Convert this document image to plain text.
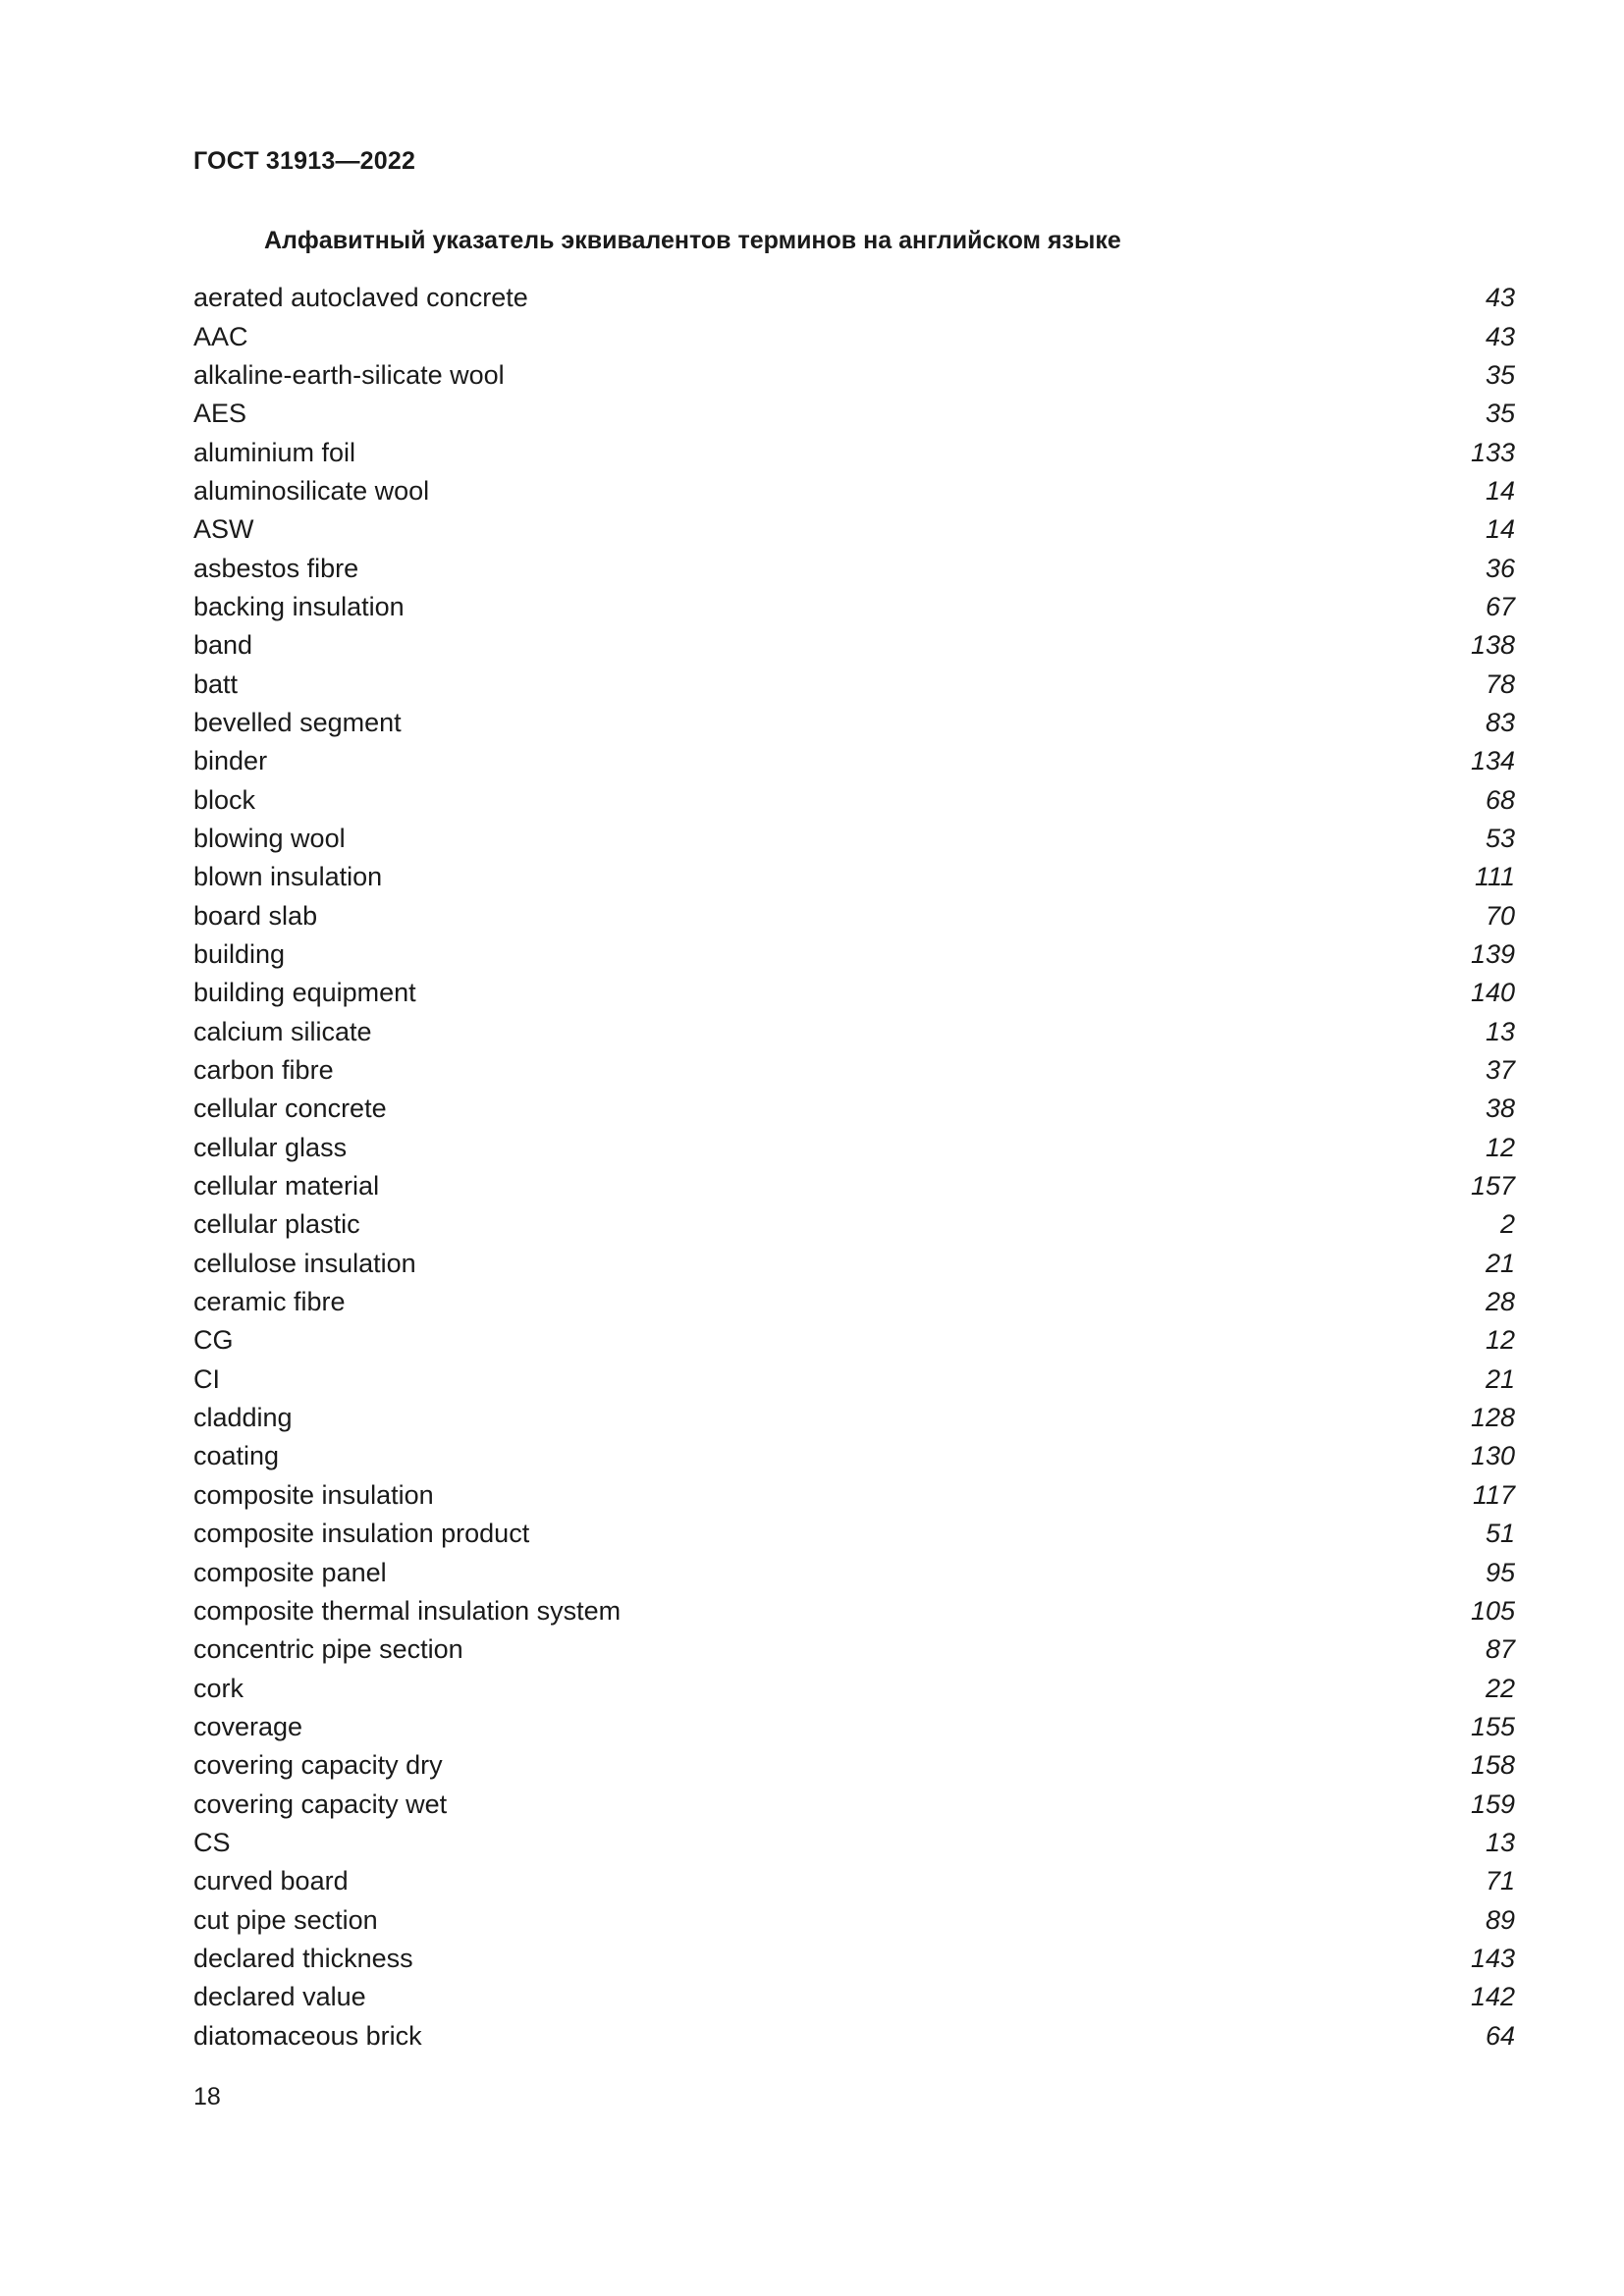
ГОСТ 31913—2022
Алфавитный указатель эквивалентов терминов на английском языке
aerated autoclaved concrete	43
AAC	43
alkaline-earth-silicate wool	35
AES	35
aluminium foil	133
aluminosilicate wool	14
ASW	14
asbestos fibre	36
backing insulation	67
band	138
batt	78
bevelled segment	83
binder	134
block	68
blowing wool	53
blown insulation	111
board slab	70
building	139
building equipment	140
calcium silicate	13
carbon fibre	37
cellular concrete	38
cellular glass	12
cellular material	157
cellular plastic	2
cellulose insulation	21
ceramic fibre	28
CG	12
CI	21
cladding	128
coating	130
composite insulation	117
composite insulation product	51
composite panel	95
composite thermal insulation system	105
concentric pipe section	87
cork	22
coverage	155
covering capacity dry	158
covering capacity wet	159
CS	13
curved board	71
cut pipe section	89
declared thickness	143
declared value	142
diatomaceous brick	64
18
